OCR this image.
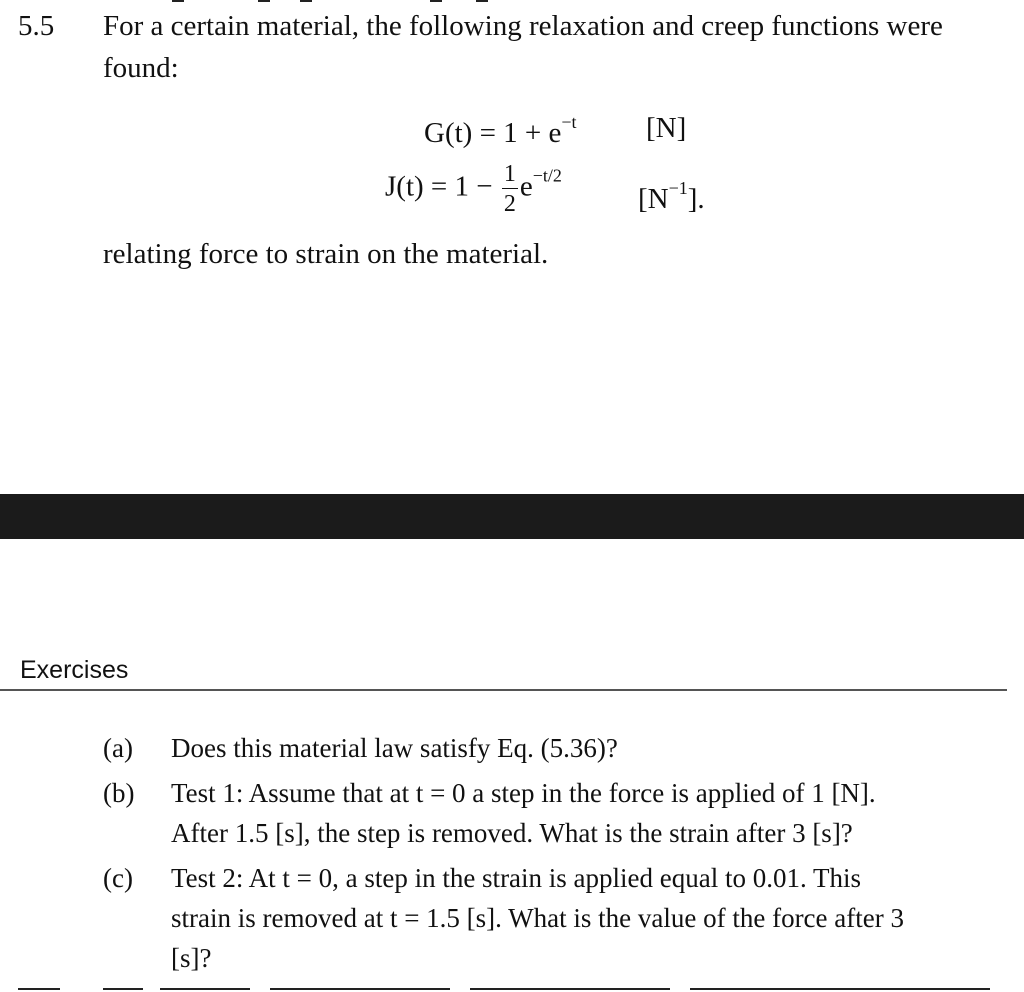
5.5 For a certain material, the following relaxation and creep functions were
found:
$G(t) = 1 + e^{-t}$ [N]
$J(t) = 1 - \frac{1}{2} e^{-t/2}$
$[N^{-1}]$.
relating force to strain on the material.
Exercises
(a) Does this material law satisfy Eq. (5.36)?
(b) Test 1: Assume that at t = 0 a step in the force is applied of 1 [N].
After 1.5 [s], the step is removed. What is the strain after 3 [s]?
(c) Test 2: At t = 0, a step in the strain is applied equal to 0.01. This
strain is removed at t = 1.5 [s]. What is the value of the force after 3
[s]?
